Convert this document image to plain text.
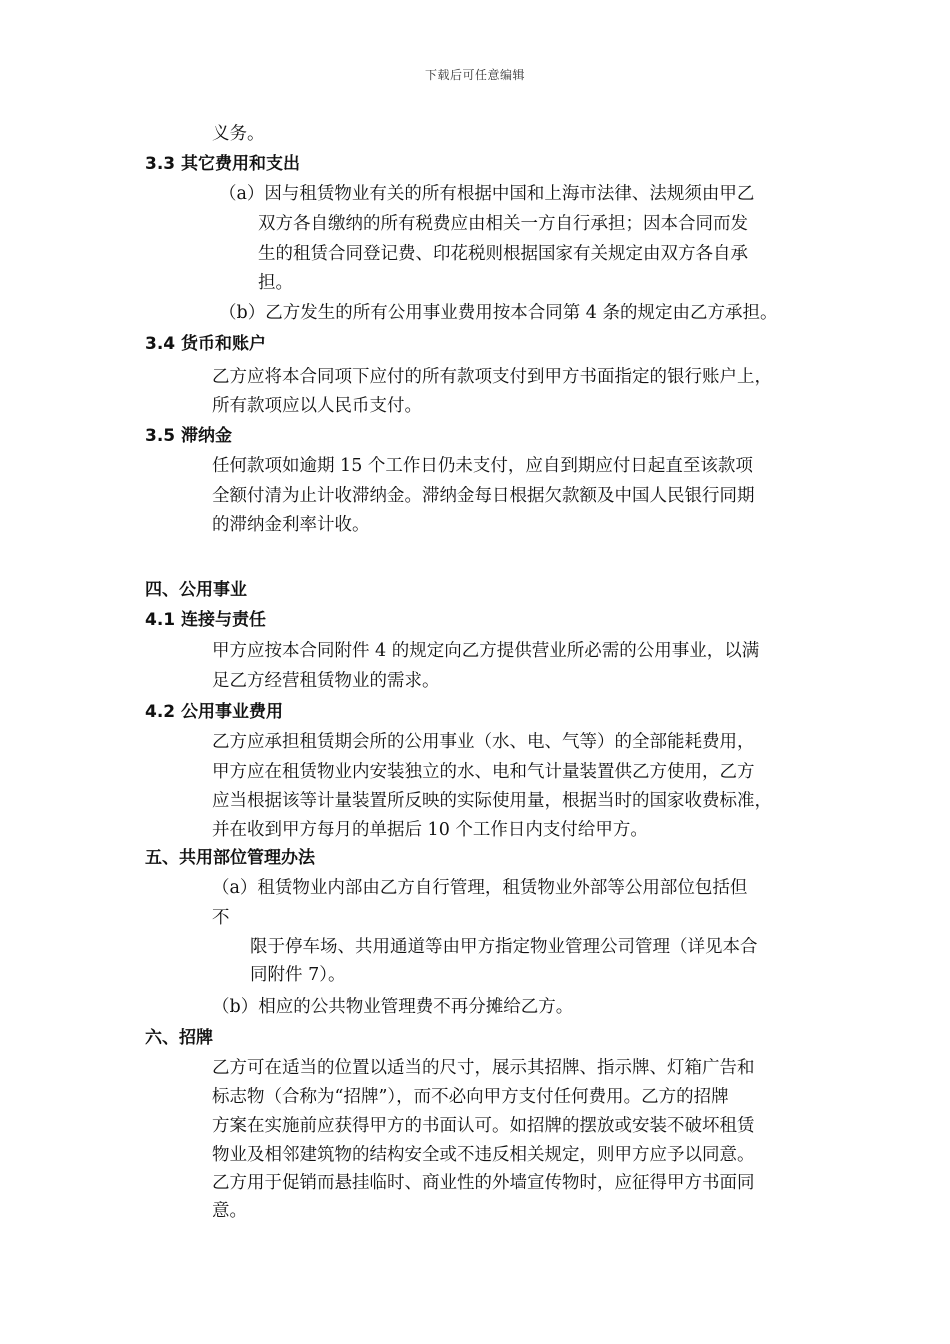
下载后可任意编辑
义务。
3.3 其它费用和支出
（a）因与租赁物业有关的所有根据中国和上海市法律、法规须由甲乙
双方各自缴纳的所有税费应由相关一方自行承担；因本合同而发
生的租赁合同登记费、印花税则根据国家有关规定由双方各自承
担。
（b）乙方发生的所有公用事业费用按本合同第 4 条的规定由乙方承担。
3.4 货币和账户
乙方应将本合同项下应付的所有款项支付到甲方书面指定的银行账户上，
所有款项应以人民币支付。
3.5 滞纳金
任何款项如逾期 15 个工作日仍未支付，应自到期应付日起直至该款项
全额付清为止计收滞纳金。滞纳金每日根据欠款额及中国人民银行同期
的滞纳金利率计收。
四、公用事业
4.1 连接与责任
甲方应按本合同附件 4 的规定向乙方提供营业所必需的公用事业，以满
足乙方经营租赁物业的需求。
4.2 公用事业费用
乙方应承担租赁期会所的公用事业（水、电、气等）的全部能耗费用，
甲方应在租赁物业内安装独立的水、电和气计量装置供乙方使用，乙方
应当根据该等计量装置所反映的实际使用量，根据当时的国家收费标准，
并在收到甲方每月的单据后 10 个工作日内支付给甲方。
五、共用部位管理办法
（a）租赁物业内部由乙方自行管理，租赁物业外部等公用部位包括但
不
限于停车场、共用通道等由甲方指定物业管理公司管理（详见本合
同附件 7）。
（b）相应的公共物业管理费不再分摊给乙方。
六、招牌
乙方可在适当的位置以适当的尺寸，展示其招牌、指示牌、灯箱广告和
标志物（合称为“招牌”），而不必向甲方支付任何费用。乙方的招牌
方案在实施前应获得甲方的书面认可。如招牌的摆放或安装不破坏租赁
物业及相邻建筑物的结构安全或不违反相关规定，则甲方应予以同意。
乙方用于促销而悬挂临时、商业性的外墙宣传物时，应征得甲方书面同
意。
